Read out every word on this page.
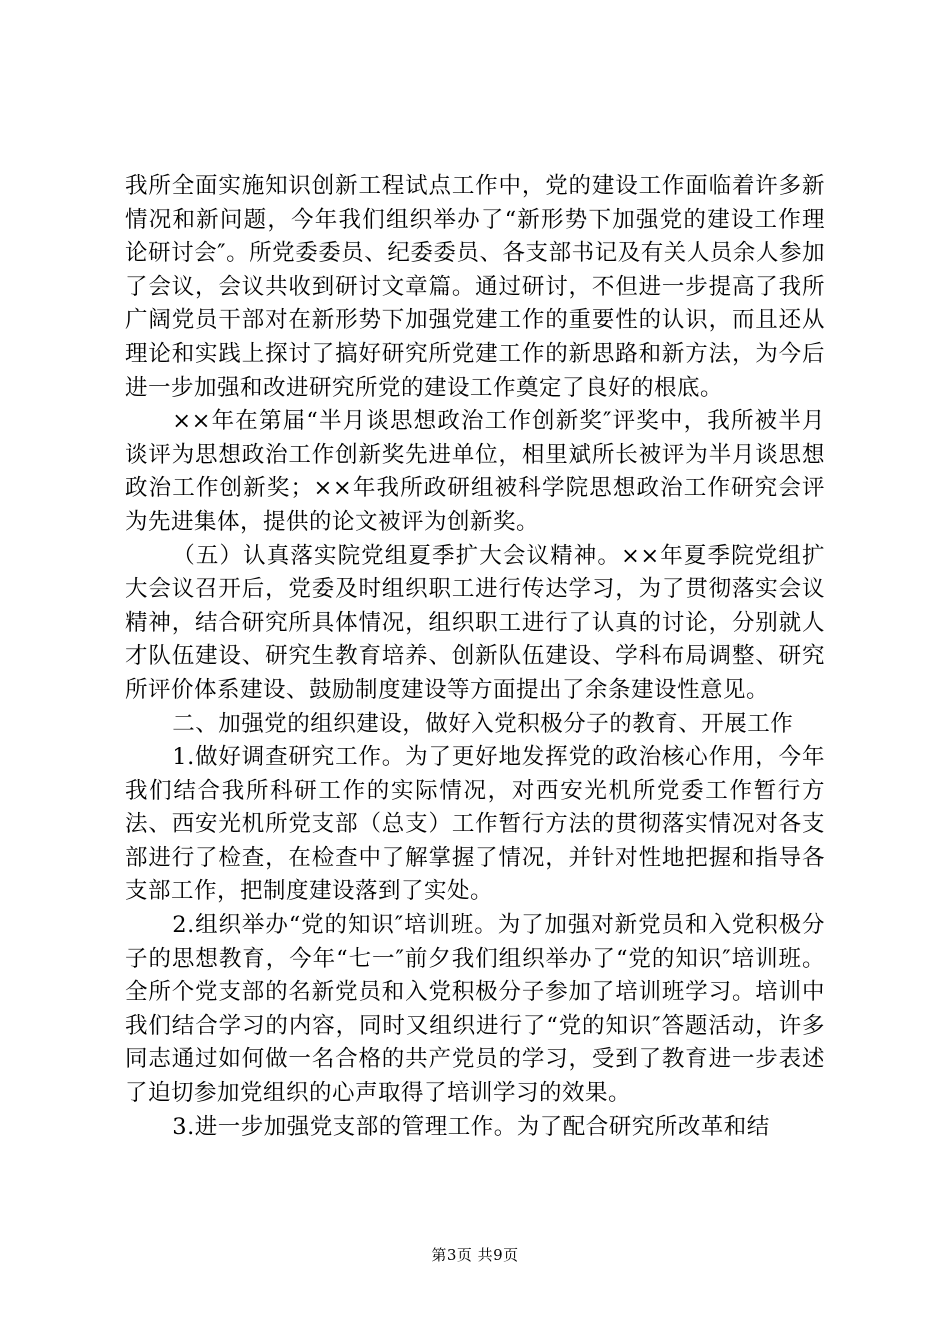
我所全面实施知识创新工程试点工作中，党的建设工作面临着许多新情况和新问题，今年我们组织举办了“新形势下加强党的建设工作理论研讨会″。所党委委员、纪委委员、各支部书记及有关人员余人参加了会议，会议共收到研讨文章篇。通过研讨，不但进一步提高了我所广阔党员干部对在新形势下加强党建工作的重要性的认识，而且还从理论和实践上探讨了搞好研究所党建工作的新思路和新方法，为今后进一步加强和改进研究所党的建设工作奠定了良好的根底。

××年在第届“半月谈思想政治工作创新奖″评奖中，我所被半月谈评为思想政治工作创新奖先进单位，相里斌所长被评为半月谈思想政治工作创新奖；××年我所政研组被科学院思想政治工作研究会评为先进集体，提供的论文被评为创新奖。

（五）认真落实院党组夏季扩大会议精神。××年夏季院党组扩大会议召开后，党委及时组织职工进行传达学习，为了贯彻落实会议精神，结合研究所具体情况，组织职工进行了认真的讨论，分别就人才队伍建设、研究生教育培养、创新队伍建设、学科布局调整、研究所评价体系建设、鼓励制度建设等方面提出了余条建设性意见。

二、加强党的组织建设，做好入党积极分子的教育、开展工作

1.做好调查研究工作。为了更好地发挥党的政治核心作用，今年我们结合我所科研工作的实际情况，对西安光机所党委工作暂行方法、西安光机所党支部（总支）工作暂行方法的贯彻落实情况对各支部进行了检查，在检查中了解掌握了情况，并针对性地把握和指导各支部工作，把制度建设落到了实处。

2.组织举办“党的知识″培训班。为了加强对新党员和入党积极分子的思想教育，今年“七一″前夕我们组织举办了“党的知识″培训班。全所个党支部的名新党员和入党积极分子参加了培训班学习。培训中我们结合学习的内容，同时又组织进行了“党的知识″答题活动，许多同志通过如何做一名合格的共产党员的学习，受到了教育进一步表述了迫切参加党组织的心声取得了培训学习的效果。

3.进一步加强党支部的管理工作。为了配合研究所改革和结

第3页 共9页
